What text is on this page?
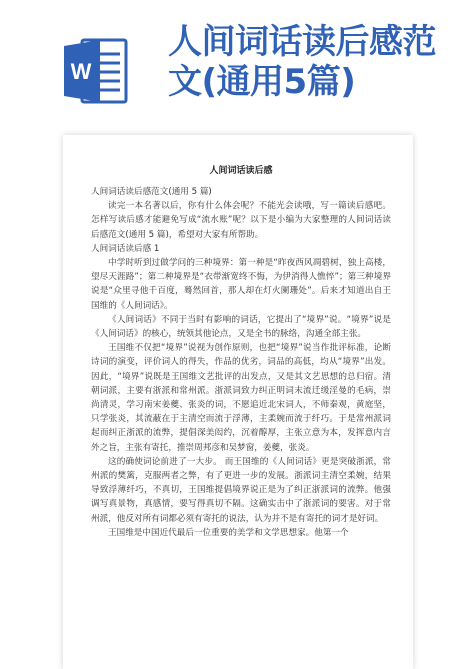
W
人间词话读后感范文(通用5篇)
人间词话读后感

人间词话读后感范文(通用 5 篇)

读完一本名著以后，你有什么体会呢？不能光会读哦，写一篇读后感吧。怎样写读后感才能避免写成“流水账”呢？以下是小编为大家整理的人间词话读后感范文(通用 5 篇)，希望对大家有所帮助。

人间词话读后感 1

中学时听到过做学问的三种境界：第一种是“昨夜西风凋碧树，独上高楼，望尽天涯路”；第二种境界是“衣带渐宽终不悔，为伊消得人憔悴”；第三种境界说是“众里寻他千百度，蓦然回首，那人却在灯火阑珊处”。后来才知道出自王国维的《人间词话》。

《人间词话》不同于当时有影响的词话，它提出了“境界”说。“境界”说是《人间词话》的核心，统领其他论点，又是全书的脉络，沟通全部主张。

王国维不仅把“境界”说视为创作原则，也把“境界”说当作批评标准，论断诗词的演变，评价词人的得失，作品的优劣，词品的高低，均从“境界”出发。 因此，“境界”说既是王国维文艺批评的出发点，又是其文艺思想的总归宿。清朝词派，主要有浙派和常州派。浙派词致力纠正明词末流迁缓淫曼的毛病，崇尚清灵，学习南宋姜夔、张炎的词，不愿追近北宋词人，不师秦观，黄庭坚，只学张炎，其流蔽在于主清空而流于浮薄，主柔婉而流于纤巧。于是常州派词起而纠正浙派的流弊，提倡深美闳约，沉着醇厚，主张立意为本，发挥意内言外之旨，主张有寄托，推崇周邦彦和吴梦窗，姜夔，张炎。

这的确使词论前进了一大步。 而王国维的《人间词话》更是突破浙派，常州派的樊篱，克服两者之弊，有了更进一步的发展。浙派词主清空柔婉，结果导致浮薄纤巧，不真切，王国维提倡境界说正是为了纠正浙派词的流弊。他强调写真景物，真感情，要写得真切不隔。这确实击中了浙派词的要害。对于常州派，他反对所有词都必须有寄托的说法，认为并不是有寄托的词才是好词。

王国维是中国近代最后一位重要的美学和文学思想家。他第一个
